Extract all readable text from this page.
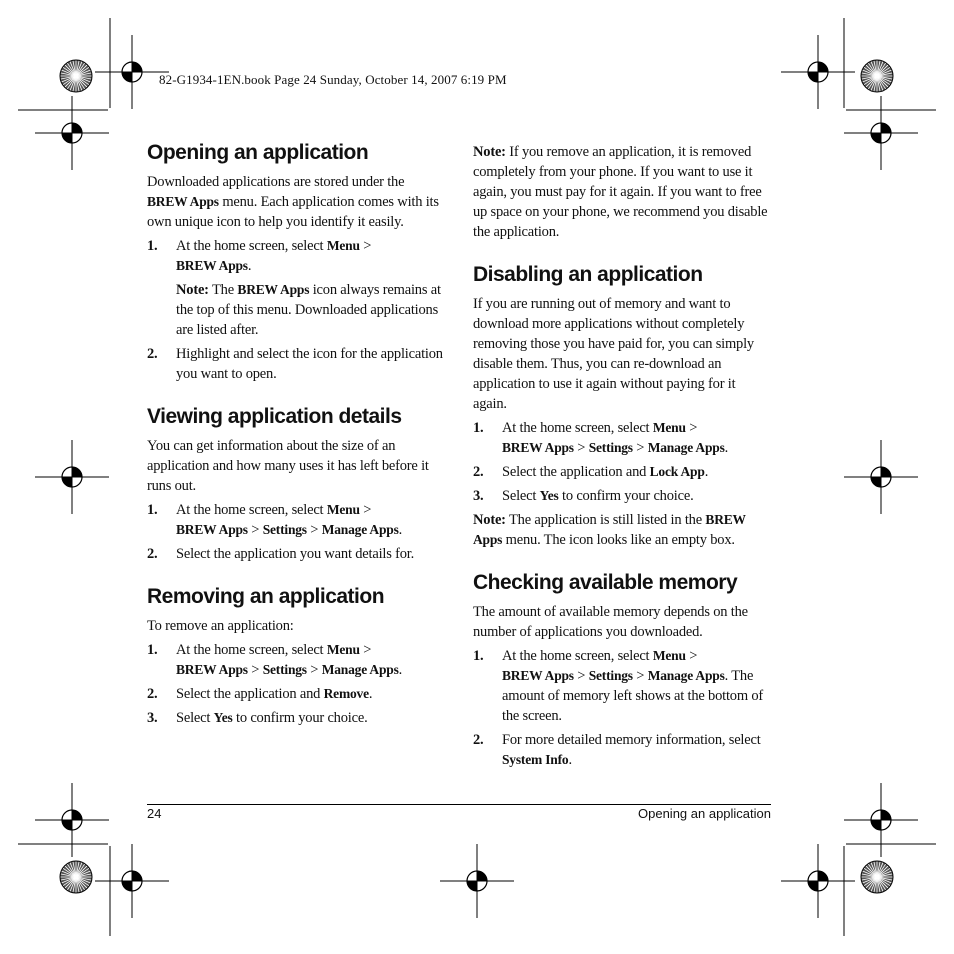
82-G1934-1EN.book Page 24 Sunday, October 14, 2007 6:19 PM
Opening an application

Downloaded applications are stored under the BREW Apps menu. Each application comes with its own unique icon to help you identify it easily.

1. At the home screen, select Menu >
BREW Apps.
Note: The BREW Apps icon always remains at the top of this menu. Downloaded applications are listed after.
2. Highlight and select the icon for the application you want to open.
Viewing application details

You can get information about the size of an application and how many uses it has left before it runs out.

1. At the home screen, select Menu >
BREW Apps > Settings > Manage Apps.
2. Select the application you want details for.
Removing an application

To remove an application:

1. At the home screen, select Menu >
BREW Apps > Settings > Manage Apps.
2. Select the application and Remove.
3. Select Yes to confirm your choice.

Note: If you remove an application, it is removed completely from your phone. If you want to use it again, you must pay for it again. If you want to free up space on your phone, we recommend you disable the application.

Disabling an application

If you are running out of memory and want to download more applications without completely removing those you have paid for, you can simply disable them. Thus, you can re-download an application to use it again without paying for it again.

1. At the home screen, select Menu >
BREW Apps > Settings > Manage Apps.
2. Select the application and Lock App.
3. Select Yes to confirm your choice.

Note: The application is still listed in the BREW Apps menu. The icon looks like an empty box.

Checking available memory

The amount of available memory depends on the number of applications you downloaded.

1. At the home screen, select Menu >
BREW Apps > Settings > Manage Apps. The amount of memory left shows at the bottom of the screen.
2. For more detailed memory information, select System Info.
24	Opening an application
